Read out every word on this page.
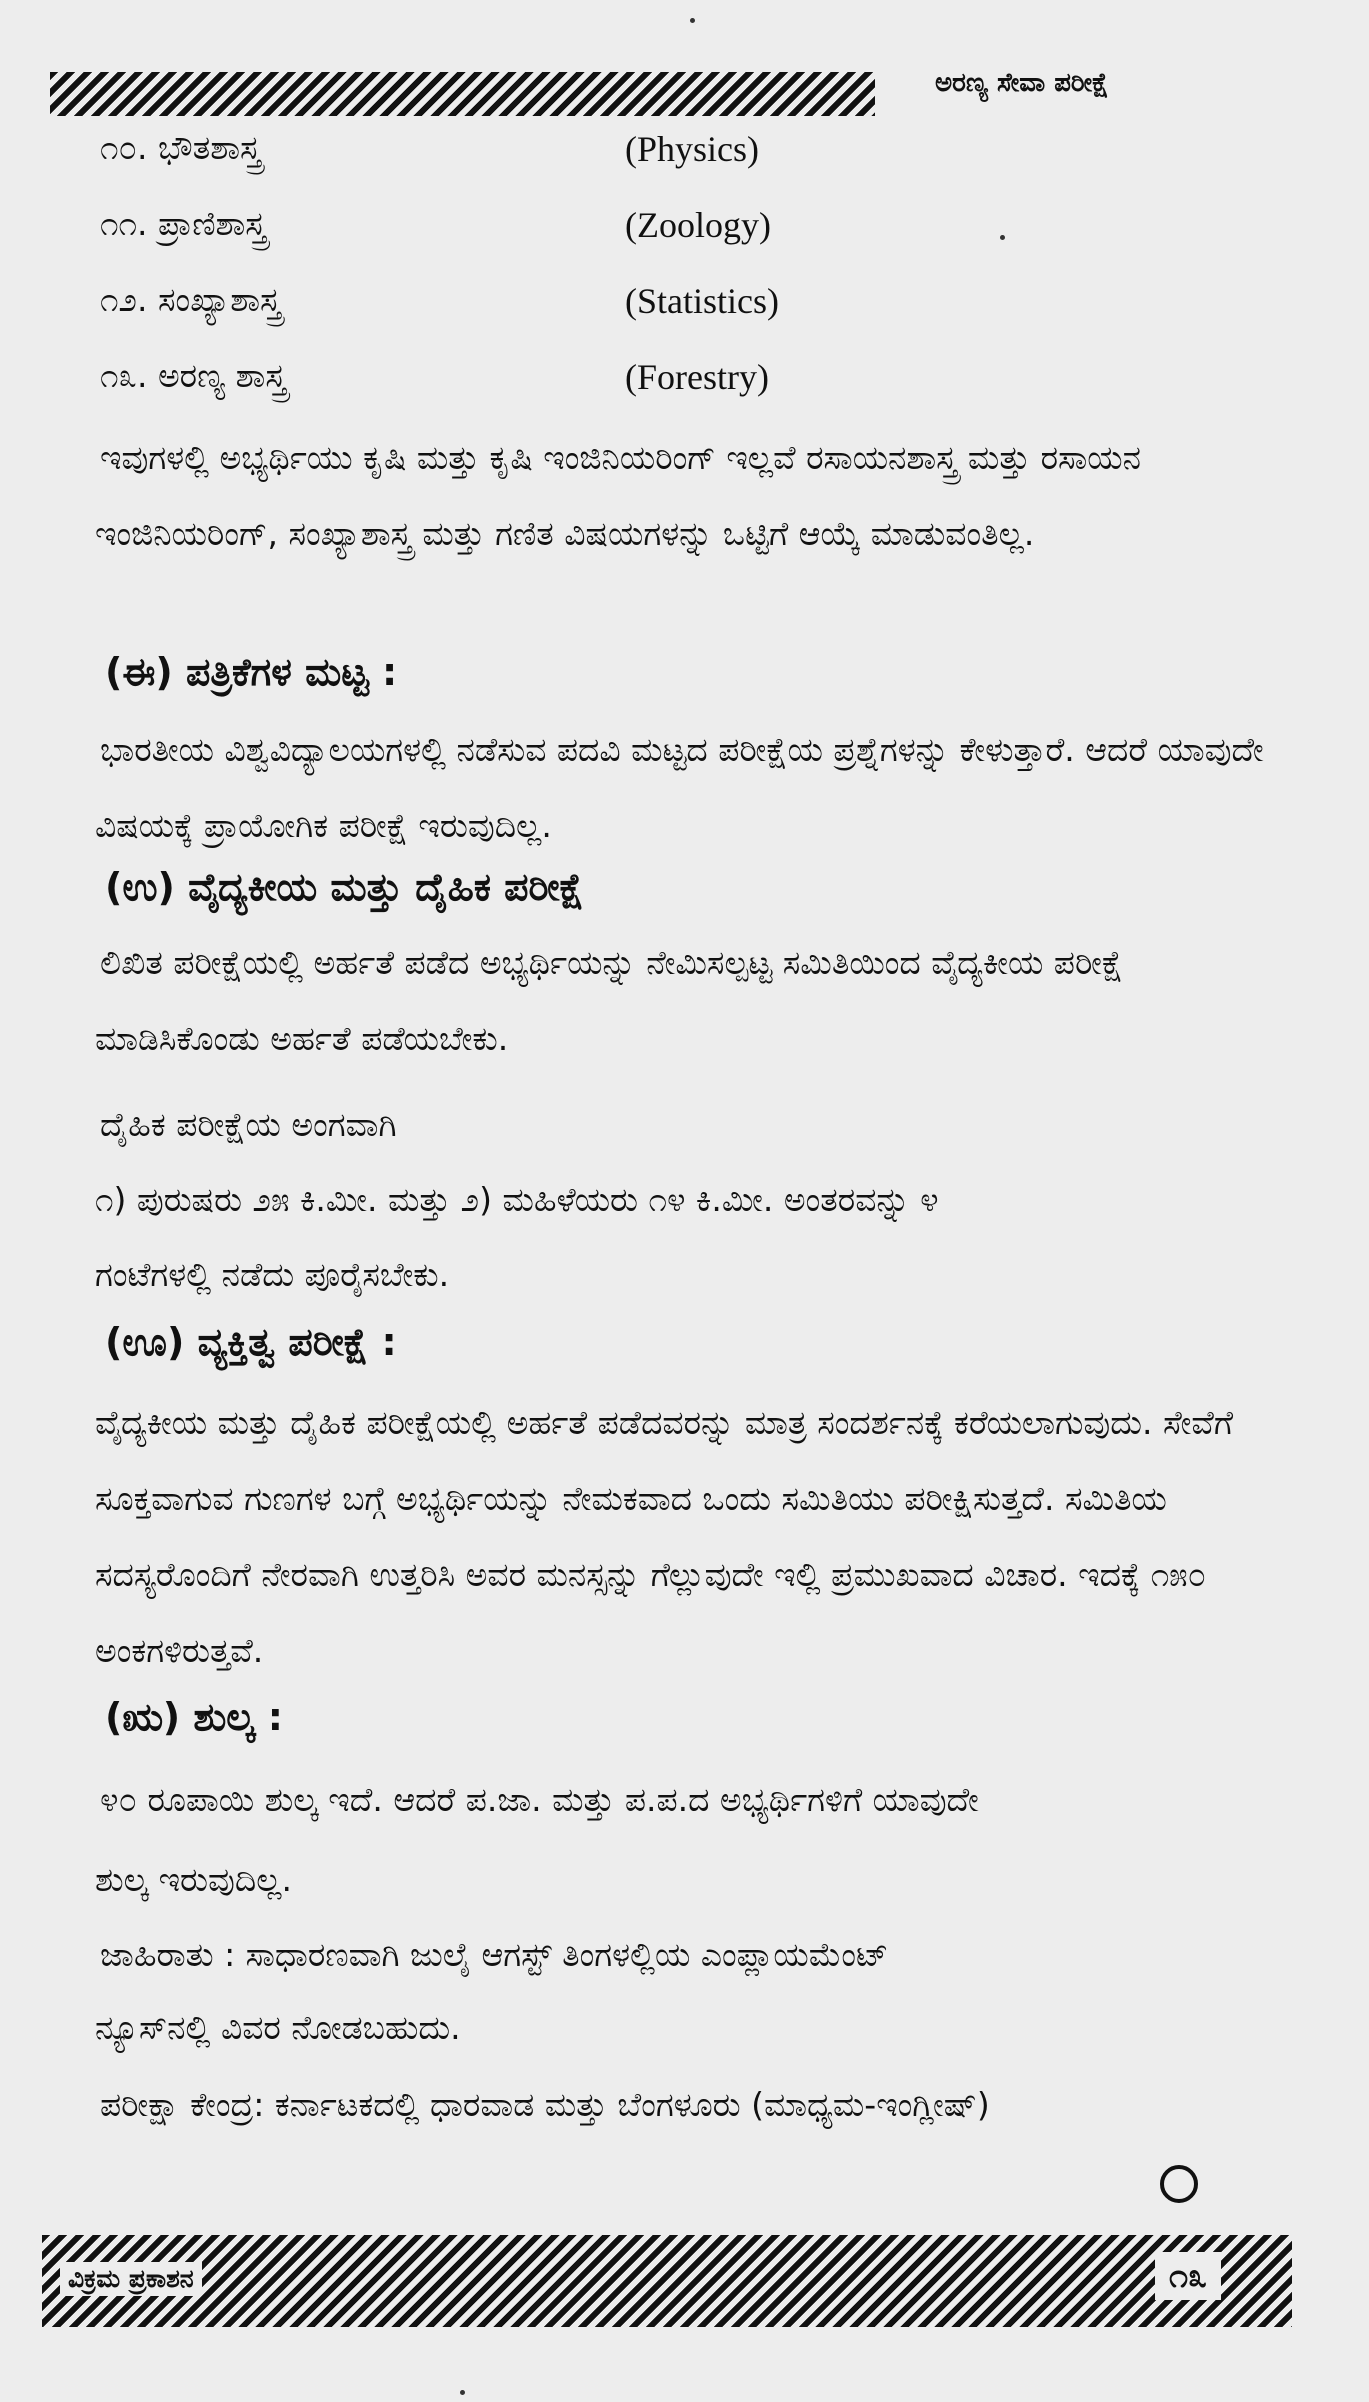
ಅರಣ್ಯ ಸೇವಾ ಪರೀಕ್ಷೆ
೧೦. ಭೌತಶಾಸ್ತ್ರ	(Physics)
೧೧. ಪ್ರಾಣಿಶಾಸ್ತ್ರ	(Zoology)
೧೨. ಸಂಖ್ಯಾಶಾಸ್ತ್ರ	(Statistics)
೧೩. ಅರಣ್ಯ ಶಾಸ್ತ್ರ	(Forestry)
ಇವುಗಳಲ್ಲಿ ಅಭ್ಯರ್ಥಿಯು ಕೃಷಿ ಮತ್ತು ಕೃಷಿ ಇಂಜಿನಿಯರಿಂಗ್ ಇಲ್ಲವೆ ರಸಾಯನಶಾಸ್ತ್ರ ಮತ್ತು ರಸಾಯನ ಇಂಜಿನಿಯರಿಂಗ್, ಸಂಖ್ಯಾಶಾಸ್ತ್ರ ಮತ್ತು ಗಣಿತ ವಿಷಯಗಳನ್ನು ಒಟ್ಟಿಗೆ ಆಯ್ಕೆ ಮಾಡುವಂತಿಲ್ಲ.
(ಈ) ಪತ್ರಿಕೆಗಳ ಮಟ್ಟ :
ಭಾರತೀಯ ವಿಶ್ವವಿದ್ಯಾಲಯಗಳಲ್ಲಿ ನಡೆಸುವ ಪದವಿ ಮಟ್ಟದ ಪರೀಕ್ಷೆಯ ಪ್ರಶ್ನೆಗಳನ್ನು ಕೇಳುತ್ತಾರೆ. ಆದರೆ ಯಾವುದೇ ವಿಷಯಕ್ಕೆ ಪ್ರಾಯೋಗಿಕ ಪರೀಕ್ಷೆ ಇರುವುದಿಲ್ಲ.
(ಉ) ವೈದ್ಯಕೀಯ ಮತ್ತು ದೈಹಿಕ ಪರೀಕ್ಷೆ
ಲಿಖಿತ ಪರೀಕ್ಷೆಯಲ್ಲಿ ಅರ್ಹತೆ ಪಡೆದ ಅಭ್ಯರ್ಥಿಯನ್ನು ನೇಮಿಸಲ್ಪಟ್ಟ ಸಮಿತಿಯಿಂದ ವೈದ್ಯಕೀಯ ಪರೀಕ್ಷೆ ಮಾಡಿಸಿಕೊಂಡು ಅರ್ಹತೆ ಪಡೆಯಬೇಕು.
ದೈಹಿಕ ಪರೀಕ್ಷೆಯ ಅಂಗವಾಗಿ
೧) ಪುರುಷರು ೨೫ ಕಿ.ಮೀ. ಮತ್ತು ೨) ಮಹಿಳೆಯರು ೧೪ ಕಿ.ಮೀ. ಅಂತರವನ್ನು ೪
ಗಂಟೆಗಳಲ್ಲಿ ನಡೆದು ಪೂರೈಸಬೇಕು.
(ಊ) ವ್ಯಕ್ತಿತ್ವ ಪರೀಕ್ಷೆ :
ವೈದ್ಯಕೀಯ ಮತ್ತು ದೈಹಿಕ ಪರೀಕ್ಷೆಯಲ್ಲಿ ಅರ್ಹತೆ ಪಡೆದವರನ್ನು ಮಾತ್ರ ಸಂದರ್ಶನಕ್ಕೆ ಕರೆಯಲಾಗುವುದು. ಸೇವೆಗೆ ಸೂಕ್ತವಾಗುವ ಗುಣಗಳ ಬಗ್ಗೆ ಅಭ್ಯರ್ಥಿಯನ್ನು ನೇಮಕವಾದ ಒಂದು ಸಮಿತಿಯು ಪರೀಕ್ಷಿಸುತ್ತದೆ. ಸಮಿತಿಯ ಸದಸ್ಯರೊಂದಿಗೆ ನೇರವಾಗಿ ಉತ್ತರಿಸಿ ಅವರ ಮನಸ್ಸನ್ನು ಗೆಲ್ಲುವುದೇ ಇಲ್ಲಿ ಪ್ರಮುಖವಾದ ವಿಚಾರ. ಇದಕ್ಕೆ ೧೫೦ ಅಂಕಗಳಿರುತ್ತವೆ.
(ಋ) ಶುಲ್ಕ :
೪೦ ರೂಪಾಯಿ ಶುಲ್ಕ ಇದೆ. ಆದರೆ ಪ.ಜಾ. ಮತ್ತು ಪ.ಪ.ದ ಅಭ್ಯರ್ಥಿಗಳಿಗೆ ಯಾವುದೇ
ಶುಲ್ಕ ಇರುವುದಿಲ್ಲ.
ಜಾಹಿರಾತು : ಸಾಧಾರಣವಾಗಿ ಜುಲೈ ಆಗಸ್ಟ್ ತಿಂಗಳಲ್ಲಿಯ ಎಂಪ್ಲಾಯಮೆಂಟ್
ನ್ಯೂಸ್‌ನಲ್ಲಿ ವಿವರ ನೋಡಬಹುದು.
ಪರೀಕ್ಷಾ ಕೇಂದ್ರ: ಕರ್ನಾಟಕದಲ್ಲಿ ಧಾರವಾಡ ಮತ್ತು ಬೆಂಗಳೂರು (ಮಾಧ್ಯಮ-ಇಂಗ್ಲೀಷ್)
ವಿಕ್ರಮ ಪ್ರಕಾಶನ	೧೩
